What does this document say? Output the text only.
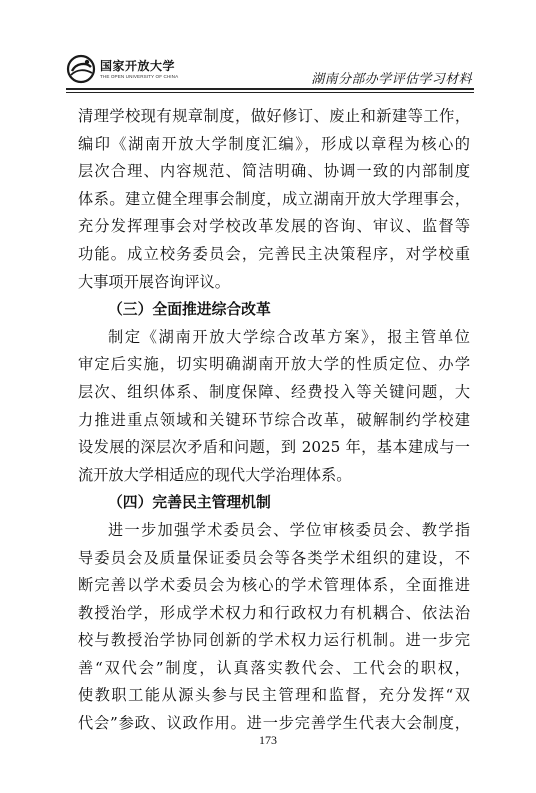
国家开放大学
THE OPEN UNIVERSITY OF CHINA	湖南分部办学评估学习材料
清理学校现有规章制度，做好修订、废止和新建等工作，
编印《湖南开放大学制度汇编》，形成以章程为核心的
层次合理、内容规范、简洁明确、协调一致的内部制度
体系。建立健全理事会制度，成立湖南开放大学理事会，
充分发挥理事会对学校改革发展的咨询、审议、监督等
功能。成立校务委员会，完善民主决策程序，对学校重
大事项开展咨询评议。
（三）全面推进综合改革
制定《湖南开放大学综合改革方案》，报主管单位
审定后实施，切实明确湖南开放大学的性质定位、办学
层次、组织体系、制度保障、经费投入等关键问题，大
力推进重点领域和关键环节综合改革，破解制约学校建
设发展的深层次矛盾和问题，到 2025 年，基本建成与一
流开放大学相适应的现代大学治理体系。
（四）完善民主管理机制
进一步加强学术委员会、学位审核委员会、教学指
导委员会及质量保证委员会等各类学术组织的建设，不
断完善以学术委员会为核心的学术管理体系，全面推进
教授治学，形成学术权力和行政权力有机耦合、依法治
校与教授治学协同创新的学术权力运行机制。进一步完
善“双代会”制度，认真落实教代会、工代会的职权，
使教职工能从源头参与民主管理和监督，充分发挥“双
代会”参政、议政作用。进一步完善学生代表大会制度，
173
